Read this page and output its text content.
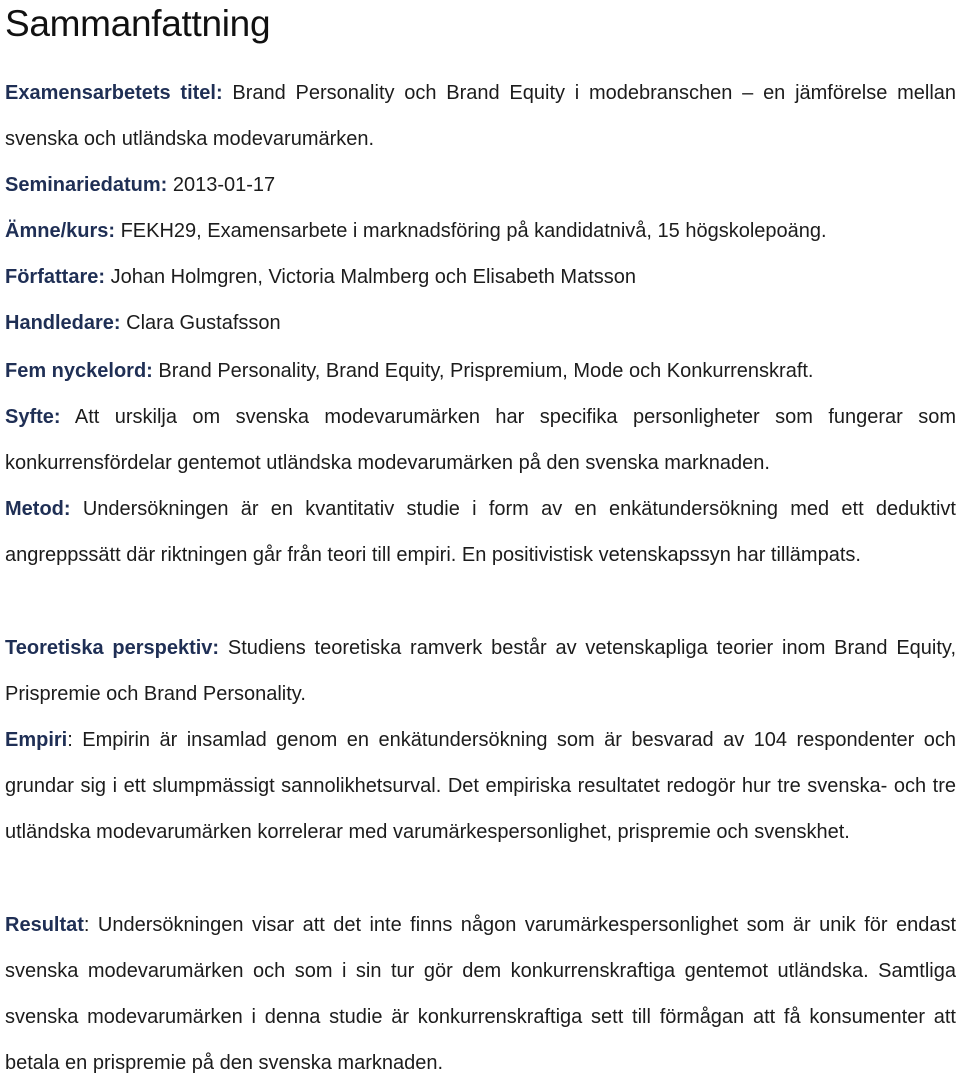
Sammanfattning
Examensarbetets titel: Brand Personality och Brand Equity i modebranschen – en jämförelse mellan svenska och utländska modevarumärken.
Seminariedatum: 2013-01-17
Ämne/kurs: FEKH29, Examensarbete i marknadsföring på kandidatnivå, 15 högskolepoäng.
Författare: Johan Holmgren, Victoria Malmberg och Elisabeth Matsson
Handledare: Clara Gustafsson
Fem nyckelord: Brand Personality, Brand Equity, Prispremium, Mode och Konkurrenskraft.
Syfte: Att urskilja om svenska modevarumärken har specifika personligheter som fungerar som konkurrensfördelar gentemot utländska modevarumärken på den svenska marknaden.
Metod: Undersökningen är en kvantitativ studie i form av en enkätundersökning med ett deduktivt angreppssätt där riktningen går från teori till empiri. En positivistisk vetenskapssyn har tillämpats.
Teoretiska perspektiv: Studiens teoretiska ramverk består av vetenskapliga teorier inom Brand Equity, Prispremie och Brand Personality.
Empiri: Empirin är insamlad genom en enkätundersökning som är besvarad av 104 respondenter och grundar sig i ett slumpmässigt sannolikhetsurval. Det empiriska resultatet redogör hur tre svenska- och tre utländska modevarumärken korrelerar med varumärkespersonlighet, prispremie och svenskhet.
Resultat: Undersökningen visar att det inte finns någon varumärkespersonlighet som är unik för endast svenska modevarumärken och som i sin tur gör dem konkurrenskraftiga gentemot utländska. Samtliga svenska modevarumärken i denna studie är konkurrenskraftiga sett till förmågan att få konsumenter att betala en prispremie på den svenska marknaden.
